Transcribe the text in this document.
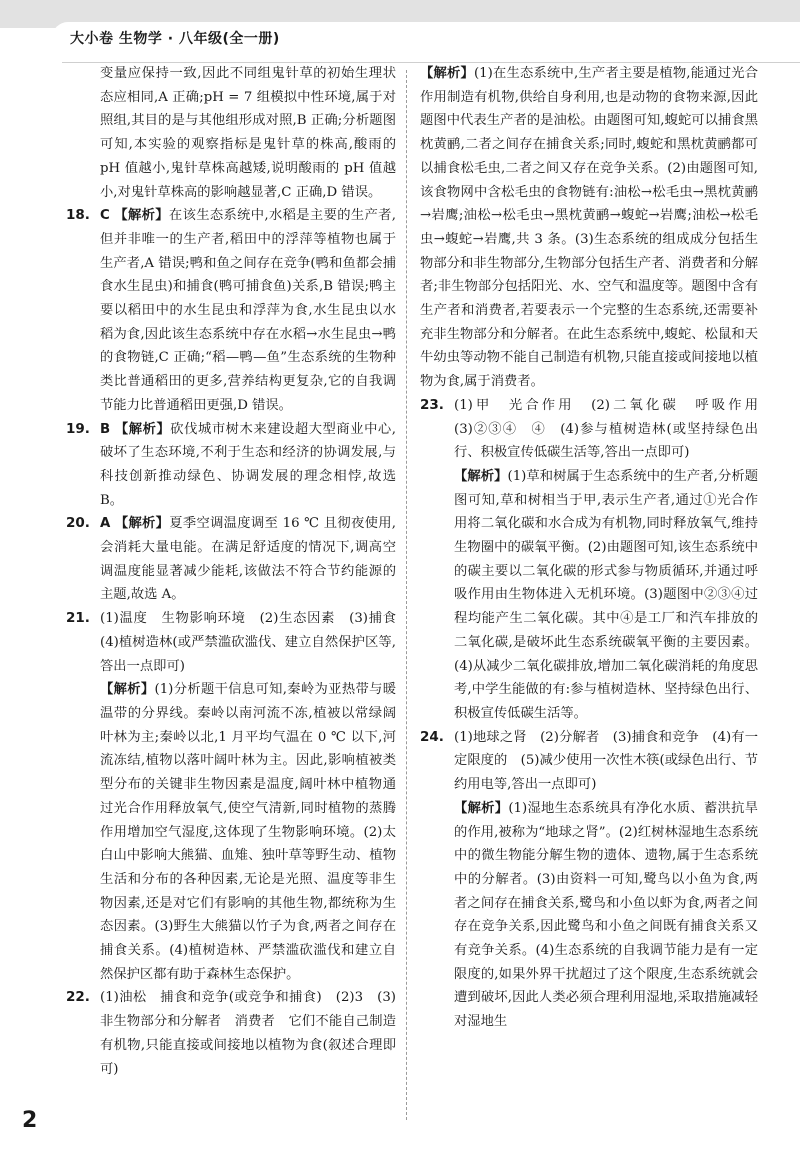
大小卷 生物学 · 八年级(全一册)

变量应保持一致,因此不同组鬼针草的初始生理状态应相同,A 正确;pH = 7 组模拟中性环境,属于对照组,其目的是与其他组形成对照,B 正确;分析题图可知,本实验的观察指标是鬼针草的株高,酸雨的 pH 值越小,鬼针草株高越矮,说明酸雨的 pH 值越小,对鬼针草株高的影响越显著,C 正确,D 错误。

18. C 【解析】在该生态系统中,水稻是主要的生产者,但并非唯一的生产者,稻田中的浮萍等植物也属于生产者,A 错误;鸭和鱼之间存在竞争(鸭和鱼都会捕食水生昆虫)和捕食(鸭可捕食鱼)关系,B 错误;鸭主要以稻田中的水生昆虫和浮萍为食,水生昆虫以水稻为食,因此该生态系统中存在水稻→水生昆虫→鸭的食物链,C 正确;“稻—鸭—鱼”生态系统的生物种类比普通稻田的更多,营养结构更复杂,它的自我调节能力比普通稻田更强,D 错误。

19. B 【解析】砍伐城市树木来建设超大型商业中心,破坏了生态环境,不利于生态和经济的协调发展,与科技创新推动绿色、协调发展的理念相悖,故选 B。

20. A 【解析】夏季空调温度调至 16 ℃ 且彻夜使用,会消耗大量电能。在满足舒适度的情况下,调高空调温度能显著减少能耗,该做法不符合节约能源的主题,故选 A。

21. (1)温度　生物影响环境　(2)生态因素　(3)捕食　(4)植树造林(或严禁滥砍滥伐、建立自然保护区等,答出一点即可)

【解析】(1)分析题干信息可知,秦岭为亚热带与暖温带的分界线。秦岭以南河流不冻,植被以常绿阔叶林为主;秦岭以北,1 月平均气温在 0 ℃ 以下,河流冻结,植物以落叶阔叶林为主。因此,影响植被类型分布的关键非生物因素是温度,阔叶林中植物通过光合作用释放氧气,使空气清新,同时植物的蒸腾作用增加空气湿度,这体现了生物影响环境。(2)太白山中影响大熊猫、血雉、独叶草等野生动、植物生活和分布的各种因素,无论是光照、温度等非生物因素,还是对它们有影响的其他生物,都统称为生态因素。(3)野生大熊猫以竹子为食,两者之间存在捕食关系。(4)植树造林、严禁滥砍滥伐和建立自然保护区都有助于森林生态保护。

22. (1)油松　捕食和竞争(或竞争和捕食)　(2)3　(3)非生物部分和分解者　消费者　它们不能自己制造有机物,只能直接或间接地以植物为食(叙述合理即可)

【解析】(1)在生态系统中,生产者主要是植物,能通过光合作用制造有机物,供给自身利用,也是动物的食物来源,因此题图中代表生产者的是油松。由题图可知,蝮蛇可以捕食黑枕黄鹂,二者之间存在捕食关系;同时,蝮蛇和黑枕黄鹂都可以捕食松毛虫,二者之间又存在竞争关系。(2)由题图可知,该食物网中含松毛虫的食物链有:油松→松毛虫→黑枕黄鹂→岩鹰;油松→松毛虫→黑枕黄鹂→蝮蛇→岩鹰;油松→松毛虫→蝮蛇→岩鹰,共 3 条。(3)生态系统的组成成分包括生物部分和非生物部分,生物部分包括生产者、消费者和分解者;非生物部分包括阳光、水、空气和温度等。题图中含有生产者和消费者,若要表示一个完整的生态系统,还需要补充非生物部分和分解者。在此生态系统中,蝮蛇、松鼠和天牛幼虫等动物不能自己制造有机物,只能直接或间接地以植物为食,属于消费者。

23. (1)甲　光合作用　(2)二氧化碳　呼吸作用　(3)②③④　④　(4)参与植树造林(或坚持绿色出行、积极宣传低碳生活等,答出一点即可)

【解析】(1)草和树属于生态系统中的生产者,分析题图可知,草和树相当于甲,表示生产者,通过①光合作用将二氧化碳和水合成为有机物,同时释放氧气,维持生物圈中的碳氧平衡。(2)由题图可知,该生态系统中的碳主要以二氧化碳的形式参与物质循环,并通过呼吸作用由生物体进入无机环境。(3)题图中②③④过程均能产生二氧化碳。其中④是工厂和汽车排放的二氧化碳,是破坏此生态系统碳氧平衡的主要因素。(4)从减少二氧化碳排放,增加二氧化碳消耗的角度思考,中学生能做的有:参与植树造林、坚持绿色出行、积极宣传低碳生活等。

24. (1)地球之肾　(2)分解者　(3)捕食和竞争　(4)有一定限度的　(5)减少使用一次性木筷(或绿色出行、节约用电等,答出一点即可)

【解析】(1)湿地生态系统具有净化水质、蓄洪抗旱的作用,被称为“地球之肾”。(2)红树林湿地生态系统中的微生物能分解生物的遗体、遗物,属于生态系统中的分解者。(3)由资料一可知,鹭鸟以小鱼为食,两者之间存在捕食关系,鹭鸟和小鱼以虾为食,两者之间存在竞争关系,因此鹭鸟和小鱼之间既有捕食关系又有竞争关系。(4)生态系统的自我调节能力是有一定限度的,如果外界干扰超过了这个限度,生态系统就会遭到破坏,因此人类必须合理利用湿地,采取措施减轻对湿地生

2
